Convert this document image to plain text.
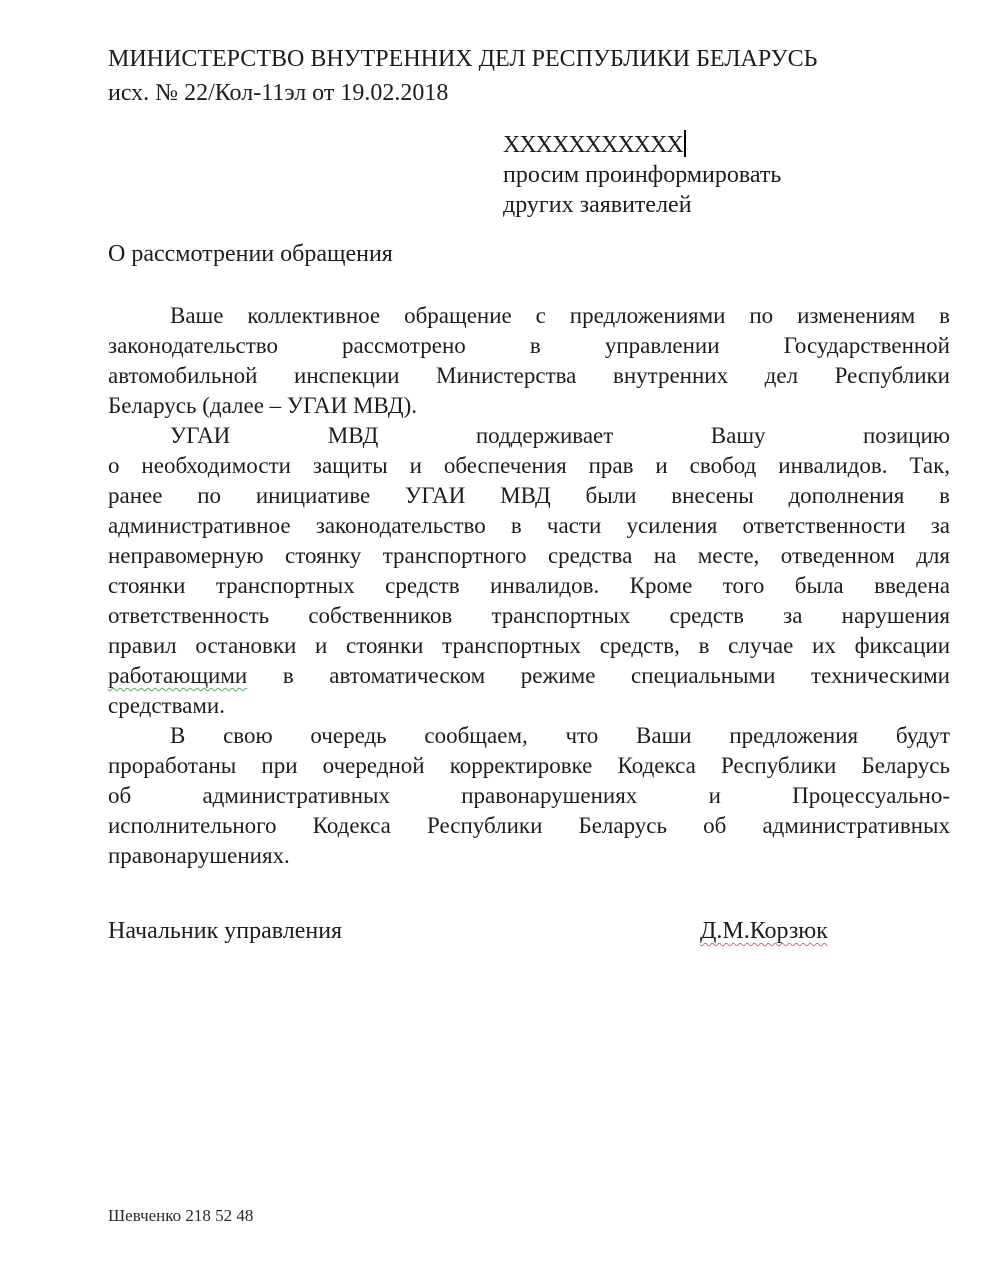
МИНИСТЕРСТВО ВНУТРЕННИХ ДЕЛ РЕСПУБЛИКИ БЕЛАРУСЬ
исх. № 22/Кол-11эл от 19.02.2018
ХХХХХХХХХХХ
просим проинформировать
других заявителей
О рассмотрении обращения
Ваше коллективное обращение с предложениями по изменениям в
законодательство рассмотрено в управлении Государственной
автомобильной инспекции Министерства внутренних дел Республики
Беларусь (далее – УГАИ МВД).
УГАИ МВД поддерживает Вашу позицию
о необходимости защиты и обеспечения прав и свобод инвалидов. Так,
ранее по инициативе УГАИ МВД были внесены дополнения в
административное законодательство в части усиления ответственности за
неправомерную стоянку транспортного средства на месте, отведенном для
стоянки транспортных средств инвалидов. Кроме того была введена
ответственность собственников транспортных средств за нарушения
правил остановки и стоянки транспортных средств, в случае их фиксации
работающими в автоматическом режиме специальными техническими
средствами.
В свою очередь сообщаем, что Ваши предложения будут
проработаны при очередной корректировке Кодекса Республики Беларусь
об административных правонарушениях и Процессуально-
исполнительного Кодекса Республики Беларусь об административных
правонарушениях.
Начальник управления	Д.М.Корзюк
Шевченко 218 52 48
